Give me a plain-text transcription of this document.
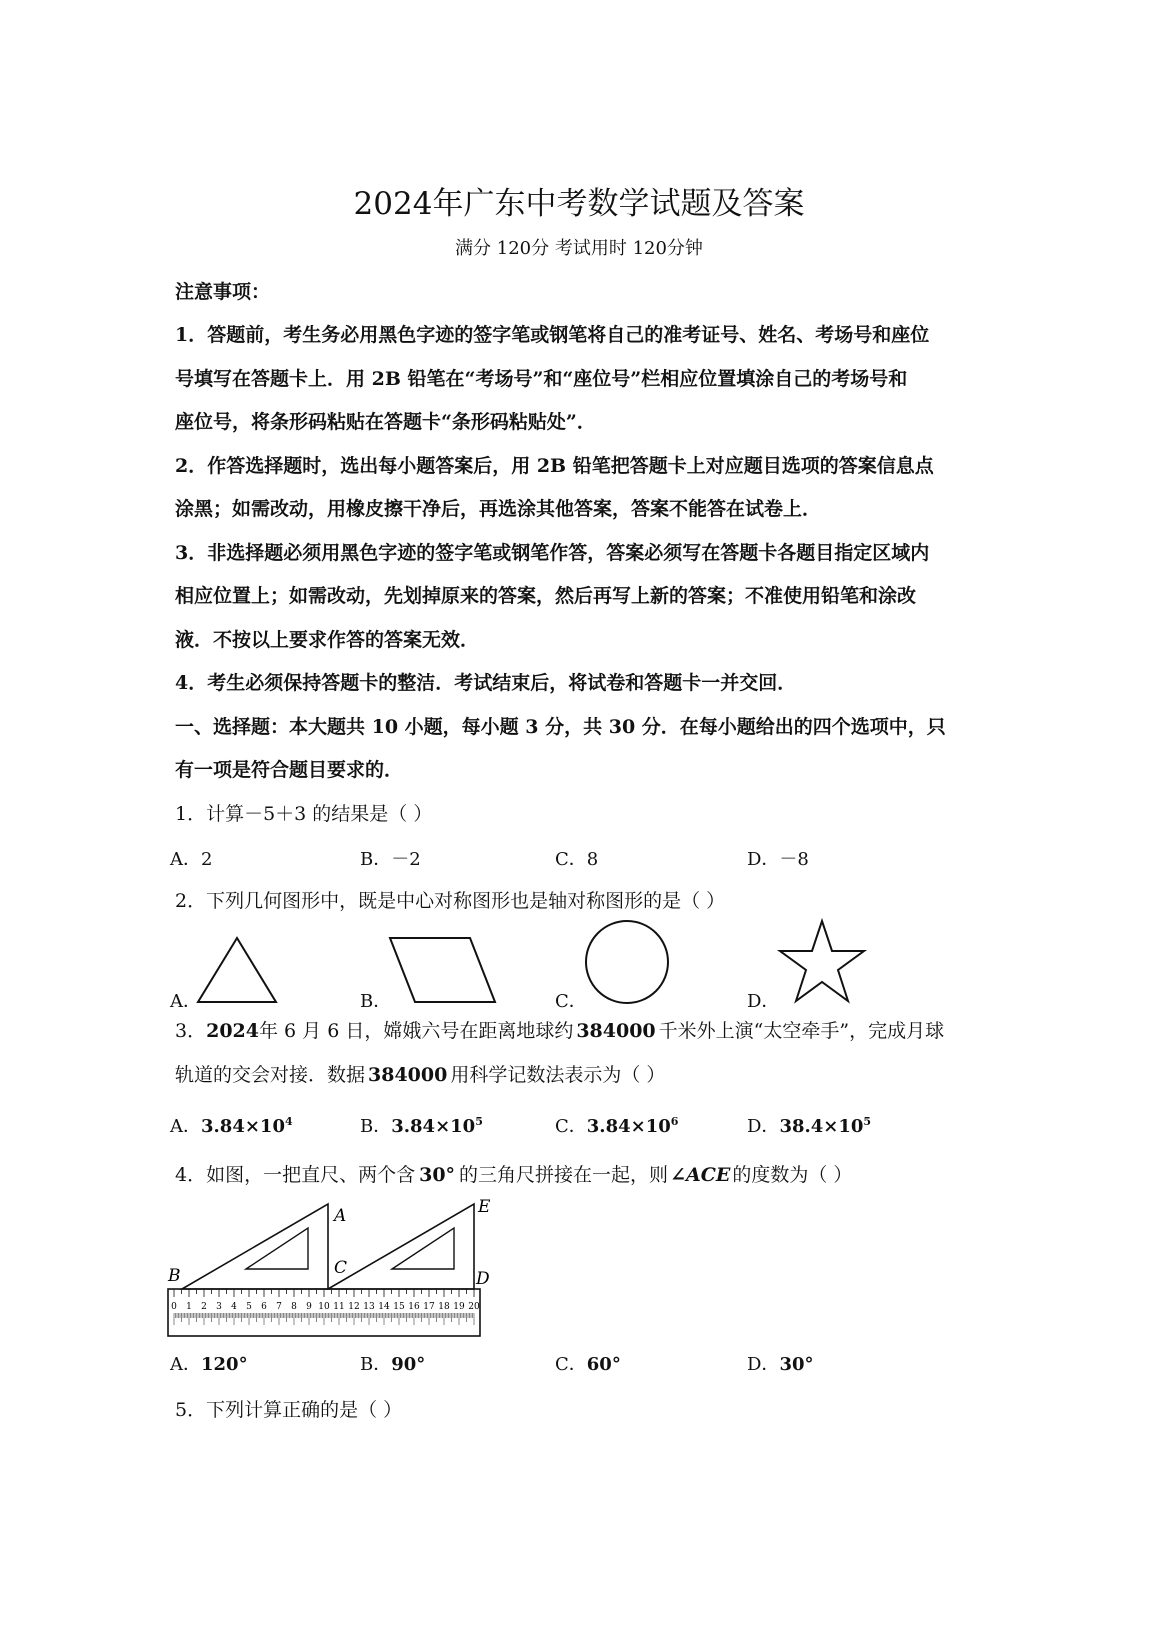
2024年广东中考数学试题及答案
满分 120分 考试用时 120分钟
注意事项：
1．答题前，考生务必用黑色字迹的签字笔或钢笔将自己的准考证号、姓名、考场号和座位
号填写在答题卡上．用 2B 铅笔在“考场号”和“座位号”栏相应位置填涂自己的考场号和
座位号，将条形码粘贴在答题卡“条形码粘贴处”．
2．作答选择题时，选出每小题答案后，用 2B 铅笔把答题卡上对应题目选项的答案信息点
涂黑；如需改动，用橡皮擦干净后，再选涂其他答案，答案不能答在试卷上．
3．非选择题必须用黑色字迹的签字笔或钢笔作答，答案必须写在答题卡各题目指定区域内
相应位置上；如需改动，先划掉原来的答案，然后再写上新的答案；不准使用铅笔和涂改
液．不按以上要求作答的答案无效．
4．考生必须保持答题卡的整洁．考试结束后，将试卷和答题卡一并交回．
一、选择题：本大题共 10 小题，每小题 3 分，共 30 分．在每小题给出的四个选项中，只
有一项是符合题目要求的．
1．计算－5＋3 的结果是（ ）
A．2	B．－2	C．8	D．－8
2．下列几何图形中，既是中心对称图形也是轴对称图形的是（ ）
A．	B．	C．	D．
3．2024年 6 月 6 日，嫦娥六号在距离地球约 384000 千米外上演“太空牵手”，完成月球
轨道的交会对接．数据 384000 用科学记数法表示为（ ）
A．$3.84\times 10^4$	B．$3.84\times 10^5$	C．$3.84\times 10^6$	D．$38.4\times 10^5$
4．如图，一把直尺、两个含 30° 的三角尺拼接在一起，则 ∠ACE 的度数为（ ）
0 1 2 3 4 5 6 7 8 9 10 11 12 13 14 15 16 17 18 19 20
A
B	C
D
E
A．120°	B．90°	C．60°	D．30°
5．下列计算正确的是（ ）
